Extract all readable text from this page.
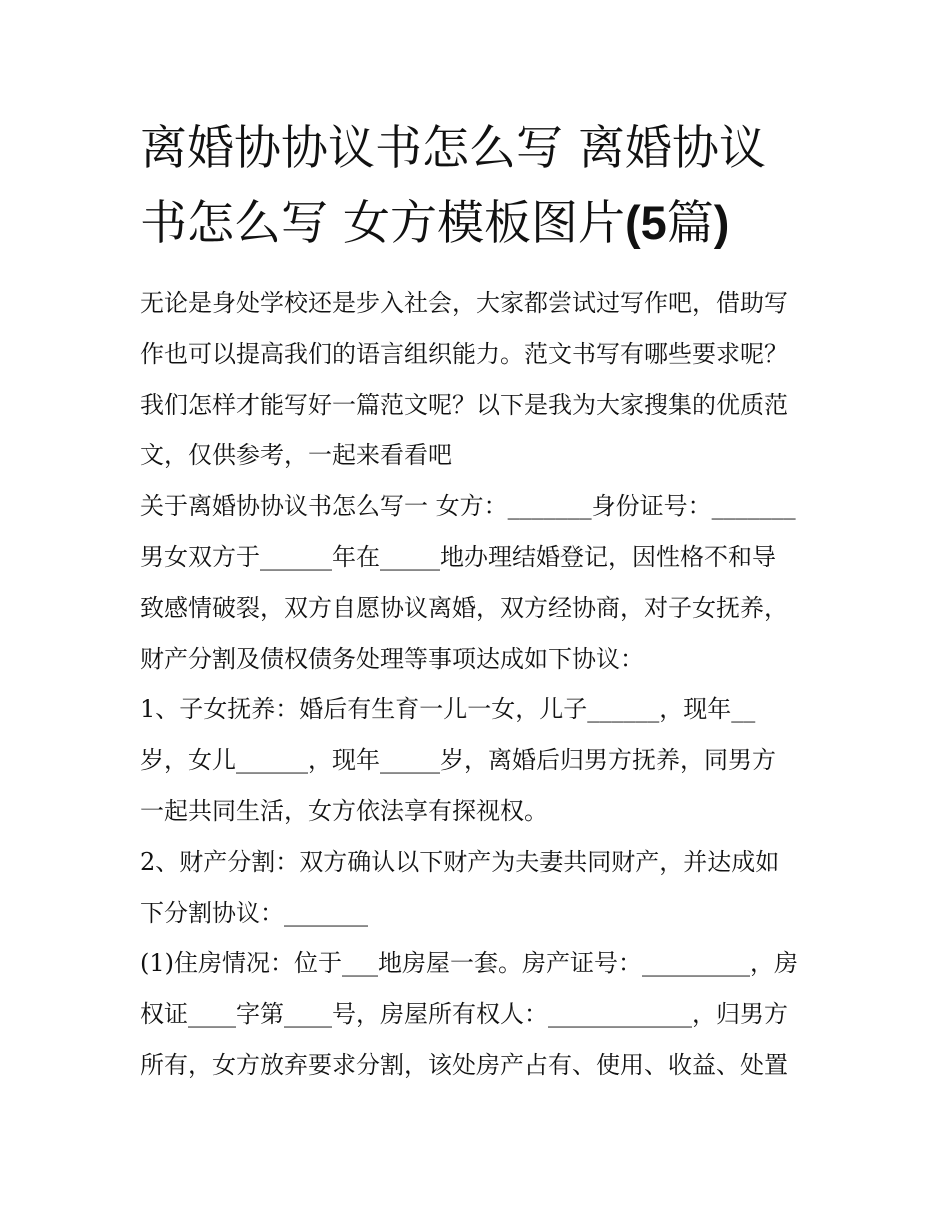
离婚协协议书怎么写 离婚协议
书怎么写 女方模板图片(5篇)
无论是身处学校还是步入社会，大家都尝试过写作吧，借助写
作也可以提高我们的语言组织能力。范文书写有哪些要求呢？
我们怎样才能写好一篇范文呢？以下是我为大家搜集的优质范
文，仅供参考，一起来看看吧
关于离婚协协议书怎么写一 女方：_______身份证号：_______
男女双方于______年在_____地办理结婚登记，因性格不和导
致感情破裂，双方自愿协议离婚，双方经协商，对子女抚养，
财产分割及债权债务处理等事项达成如下协议：
1、子女抚养：婚后有生育一儿一女，儿子______，现年__
岁，女儿______，现年_____岁，离婚后归男方抚养，同男方
一起共同生活，女方依法享有探视权。
2、财产分割：双方确认以下财产为夫妻共同财产，并达成如
下分割协议：_______
(1)住房情况：位于___地房屋一套。房产证号：_________，房
权证____字第____号，房屋所有权人：____________，归男方
所有，女方放弃要求分割，该处房产占有、使用、收益、处置
